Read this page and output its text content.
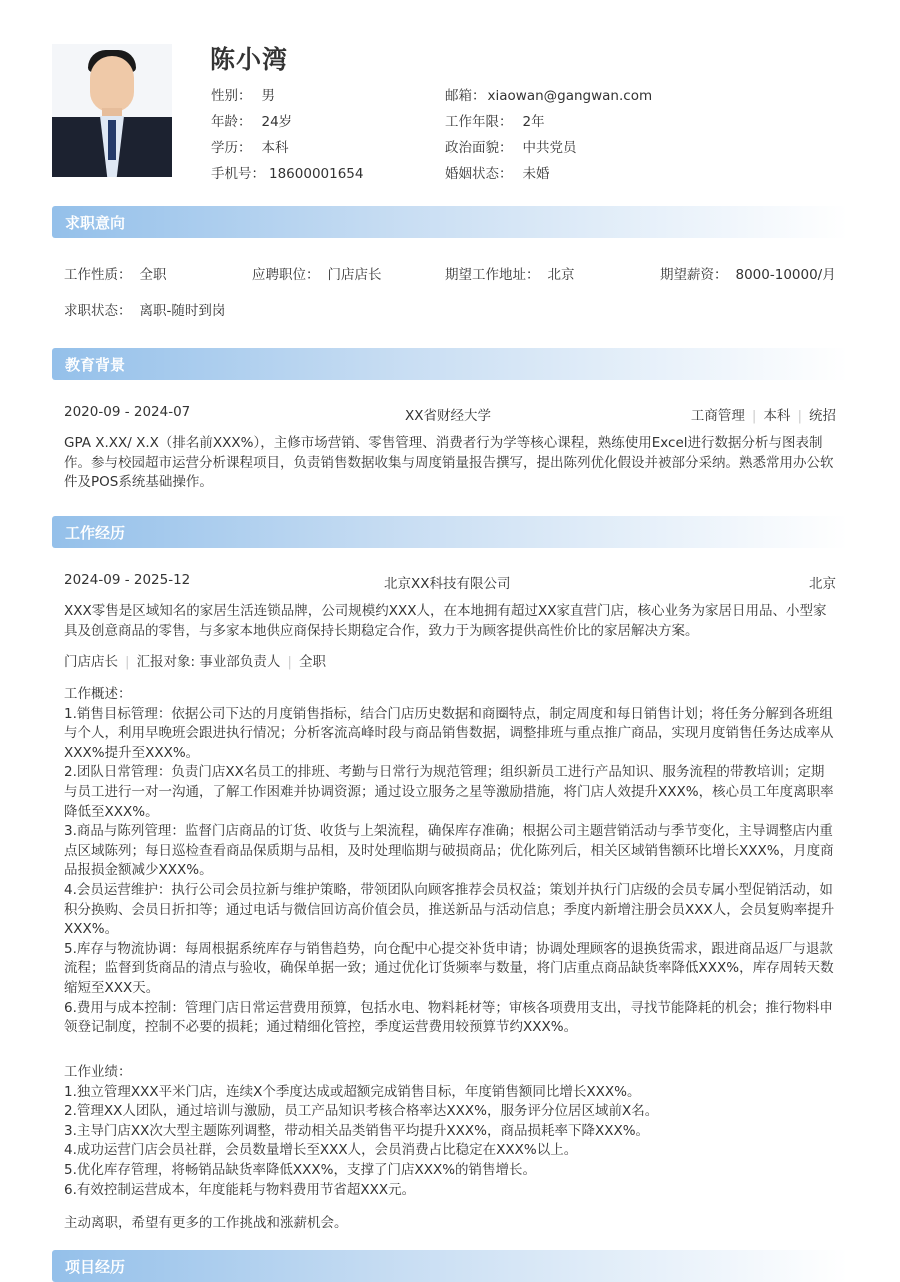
陈小湾
性别： 男
年龄： 24岁
学历： 本科
手机号： 18600001654
邮箱： xiaowan@gangwan.com
工作年限： 2年
政治面貌： 中共党员
婚姻状态： 未婚
求职意向
工作性质： 全职	应聘职位： 门店店长	期望工作地址： 北京	期望薪资： 8000-10000/月
求职状态： 离职-随时到岗
教育背景
2020-09 - 2024-07	XX省财经大学	工商管理 | 本科 | 统招

GPA X.XX/ X.X（排名前XXX%），主修市场营销、零售管理、消费者行为学等核心课程，熟练使用Excel进行数据分析与图表制作。参与校园超市运营分析课程项目，负责销售数据收集与周度销量报告撰写，提出陈列优化假设并被部分采纳。熟悉常用办公软件及POS系统基础操作。

工作经历
2024-09 - 2025-12	北京XX科技有限公司	北京

XXX零售是区域知名的家居生活连锁品牌，公司规模约XXX人，在本地拥有超过XX家直营门店，核心业务为家居日用品、小型家具及创意商品的零售，与多家本地供应商保持长期稳定合作，致力于为顾客提供高性价比的家居解决方案。

门店店长 | 汇报对象: 事业部负责人 | 全职

工作概述：

1.销售目标管理：依据公司下达的月度销售指标，结合门店历史数据和商圈特点，制定周度和每日销售计划；将任务分解到各班组与个人，利用早晚班会跟进执行情况；分析客流高峰时段与商品销售数据，调整排班与重点推广商品，实现月度销售任务达成率从XXX%提升至XXX%。

2.团队日常管理：负责门店XX名员工的排班、考勤与日常行为规范管理；组织新员工进行产品知识、服务流程的带教培训；定期与员工进行一对一沟通，了解工作困难并协调资源；通过设立服务之星等激励措施，将门店人效提升XXX%，核心员工年度离职率降低至XXX%。

3.商品与陈列管理：监督门店商品的订货、收货与上架流程，确保库存准确；根据公司主题营销活动与季节变化，主导调整店内重点区域陈列；每日巡检查看商品保质期与品相，及时处理临期与破损商品；优化陈列后，相关区域销售额环比增长XXX%，月度商品报损金额减少XXX%。

4.会员运营维护：执行公司会员拉新与维护策略，带领团队向顾客推荐会员权益；策划并执行门店级的会员专属小型促销活动，如积分换购、会员日折扣等；通过电话与微信回访高价值会员，推送新品与活动信息；季度内新增注册会员XXX人，会员复购率提升XXX%。

5.库存与物流协调：每周根据系统库存与销售趋势，向仓配中心提交补货申请；协调处理顾客的退换货需求，跟进商品返厂与退款流程；监督到货商品的清点与验收，确保单据一致；通过优化订货频率与数量，将门店重点商品缺货率降低XXX%，库存周转天数缩短至XXX天。

6.费用与成本控制：管理门店日常运营费用预算，包括水电、物料耗材等；审核各项费用支出，寻找节能降耗的机会；推行物料申领登记制度，控制不必要的损耗；通过精细化管控，季度运营费用较预算节约XXX%。

工作业绩：

1.独立管理XXX平米门店，连续X个季度达成或超额完成销售目标，年度销售额同比增长XXX%。

2.管理XX人团队，通过培训与激励，员工产品知识考核合格率达XXX%，服务评分位居区域前X名。

3.主导门店XX次大型主题陈列调整，带动相关品类销售平均提升XXX%，商品损耗率下降XXX%。

4.成功运营门店会员社群，会员数量增长至XXX人，会员消费占比稳定在XXX%以上。

5.优化库存管理，将畅销品缺货率降低XXX%，支撑了门店XXX%的销售增长。

6.有效控制运营成本，年度能耗与物料费用节省超XXX元。

主动离职，希望有更多的工作挑战和涨薪机会。
项目经历
